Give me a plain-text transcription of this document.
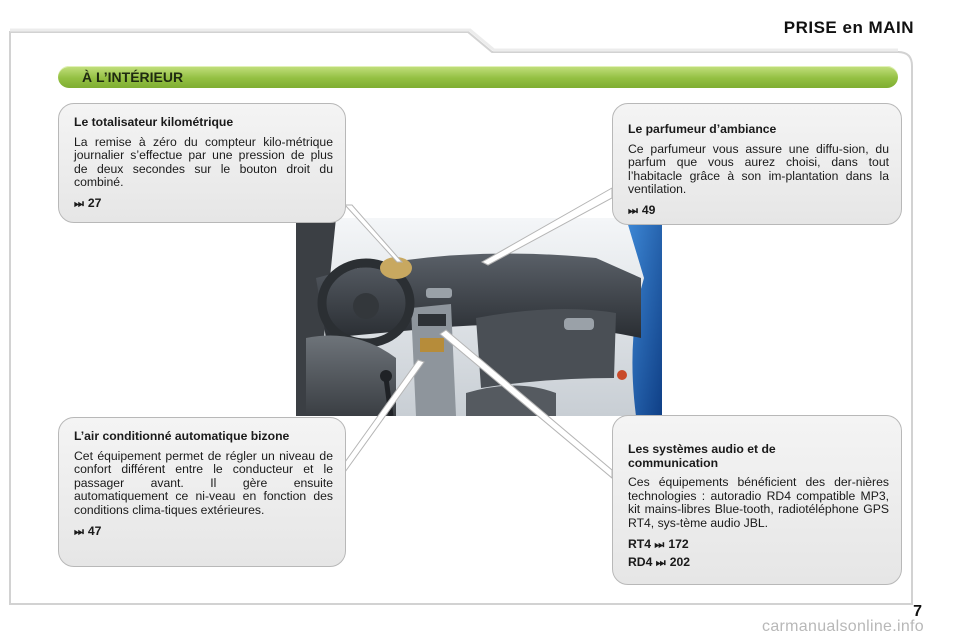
PRISE en MAIN
À L’INTÉRIEUR
Le totalisateur kilométrique

La remise à zéro du compteur kilo-métrique journalier s’effectue par une pression de plus de deux secondes sur le bouton droit du combiné.

⏭ 27
Le parfumeur d’ambiance

Ce parfumeur vous assure une diffu-sion, du parfum que vous aurez choisi, dans tout l’habitacle grâce à son im-plantation dans la ventilation.

⏭ 49
L’air conditionné automatique bizone

Cet équipement permet de régler un niveau de confort différent entre le conducteur et le passager avant. Il gère ensuite automatiquement ce ni-veau en fonction des conditions clima-tiques extérieures.

⏭ 47
Les systèmes audio et de communication

Ces équipements bénéficient des der-nières technologies : autoradio RD4 compatible MP3, kit mains-libres Blue-tooth, radiotéléphone GPS RT4, sys-tème audio JBL.

RT4 ⏭ 172
RD4 ⏭ 202
7
carmanualsonline.info
